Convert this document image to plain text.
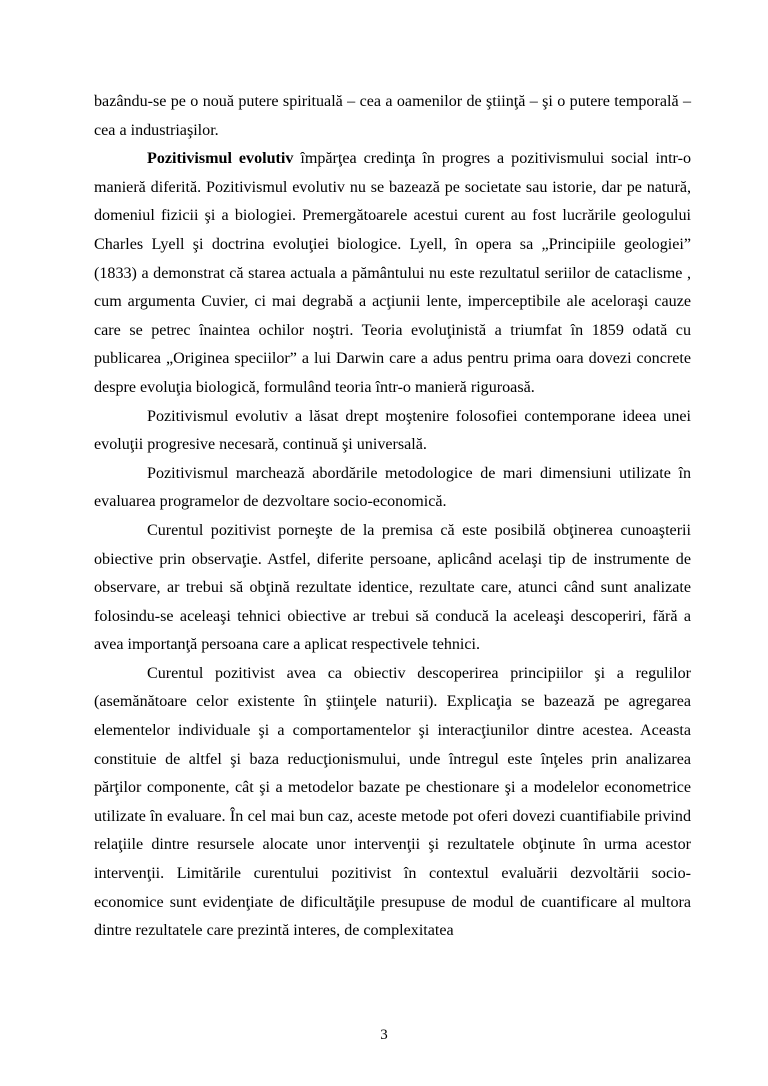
bazându-se pe o nouă putere spirituală – cea a oamenilor de ştiinţă – şi o putere temporală – cea a industriaşilor.

Pozitivismul evolutiv împărţea credinţa în progres a pozitivismului social intr-o manieră diferită. Pozitivismul evolutiv nu se bazează pe societate sau istorie, dar pe natură, domeniul fizicii şi a biologiei. Premergătoarele acestui curent au fost lucrările geologului Charles Lyell şi doctrina evoluţiei biologice. Lyell, în opera sa „Principiile geologiei” (1833) a demonstrat că starea actuala a pământului nu este rezultatul seriilor de cataclisme , cum argumenta Cuvier, ci mai degrabă a acţiunii lente, imperceptibile ale aceloraşi cauze care se petrec înaintea ochilor noştri. Teoria evoluţinistă a triumfat în 1859 odată cu publicarea „Originea speciilor” a lui Darwin care a adus pentru prima oara dovezi concrete despre evoluţia biologică, formulând teoria într-o manieră riguroasă.

Pozitivismul evolutiv a lăsat drept moştenire folosofiei contemporane ideea unei evoluţii progresive necesară, continuă şi universală.

Pozitivismul marchează abordările metodologice de mari dimensiuni utilizate în evaluarea programelor de dezvoltare socio-economică.

Curentul pozitivist porneşte de la premisa că este posibilă obţinerea cunoaşterii obiective prin observaţie. Astfel, diferite persoane, aplicând acelaşi tip de instrumente de observare, ar trebui să obţină rezultate identice, rezultate care, atunci când sunt analizate folosindu-se aceleaşi tehnici obiective ar trebui să conducă la aceleaşi descoperiri, fără a avea importanţă persoana care a aplicat respectivele tehnici.

Curentul pozitivist avea ca obiectiv descoperirea principiilor şi a regulilor (asemănătoare celor existente în ştiinţele naturii). Explicaţia se bazează pe agregarea elementelor individuale şi a comportamentelor şi interacţiunilor dintre acestea. Aceasta constituie de altfel şi baza reducţionismului, unde întregul este înţeles prin analizarea părţilor componente, cât şi a metodelor bazate pe chestionare şi a modelelor econometrice utilizate în evaluare. În cel mai bun caz, aceste metode pot oferi dovezi cuantifiabile privind relaţiile dintre resursele alocate unor intervenţii şi rezultatele obţinute în urma acestor intervenţii. Limitările curentului pozitivist în contextul evaluării dezvoltării socio-economice sunt evidenţiate de dificultăţile presupuse de modul de cuantificare al multora dintre rezultatele care prezintă interes, de complexitatea

3
